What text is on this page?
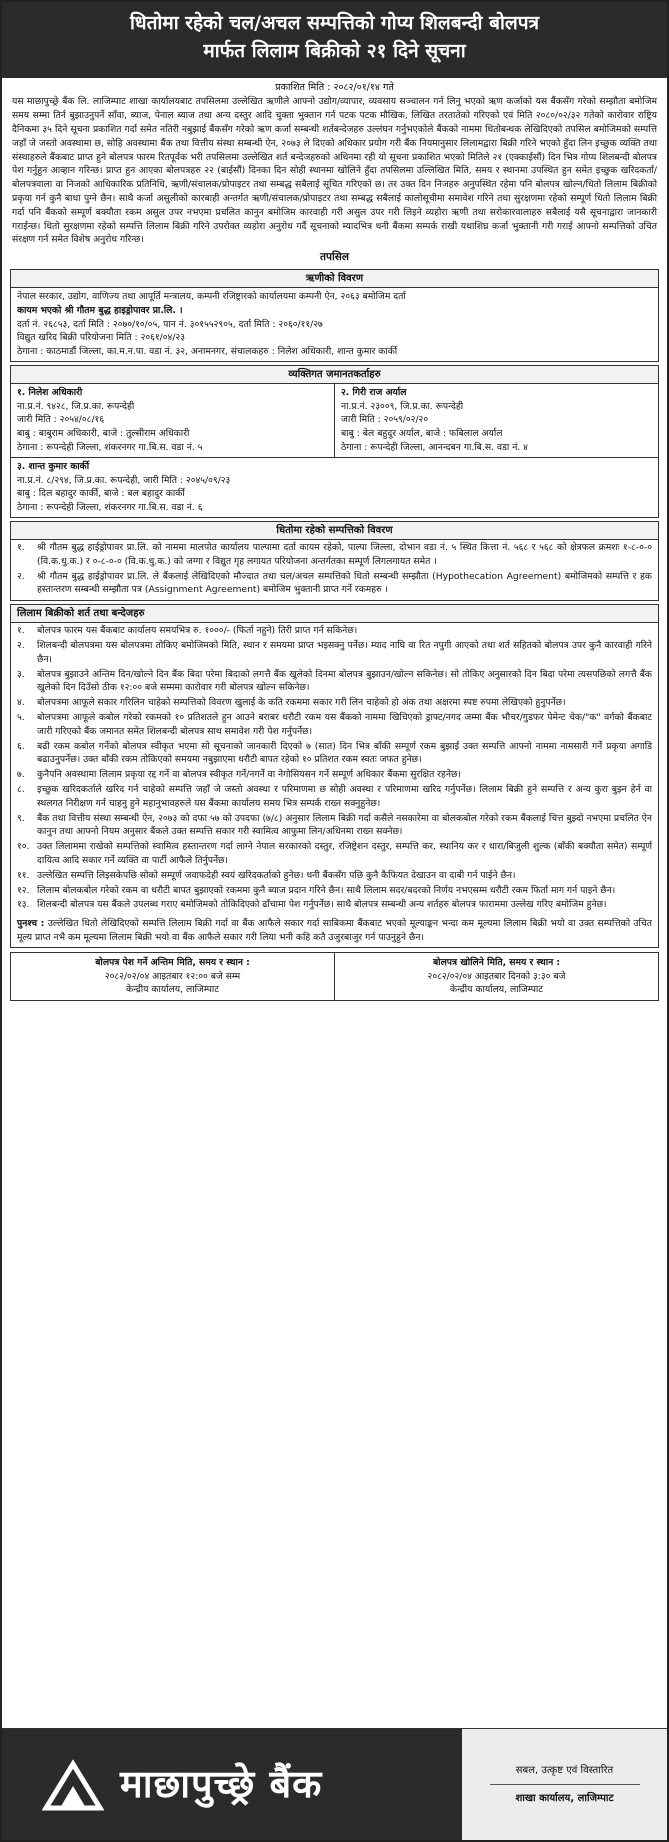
धितोमा रहेको चल/अचल सम्पत्तिको गोप्य शिलबन्दी बोलपत्र
मार्फत लिलाम बिक्रीको २१ दिने सूचना
प्रकाशित मिति : २०८२/०१/१४ गते

यस माछापुच्छ्रे बैंक लि. लाजिम्पाट शाखा कार्यालयबाट तपसिलमा उल्लेखित ऋणीले आफ्नो उद्योग/व्यापार, व्यवसाय सञ्चालन गर्न लिनु भएको ऋण कर्जाको यस बैंकसँग गरेको सम्झौता बमोजिम समय सम्मा तिर्न बुझाउनुपर्ने साँवा, ब्याज, पेनाल ब्याज तथा अन्य दस्तुर आदि चुक्ता भुक्तान गर्न पटक पटक मौखिक, लिखित तरतातेको गरिएको एवं मिति २०८०/०२/३२ गतेको कारोवार राष्ट्रिय दैनिकमा ३५ दिने सूचना प्रकाशित गर्दा समेत नतिरी नबुझाई बैंकसँग गरेको ऋण कर्जा सम्बन्धी शर्तबन्देजहरु उल्लंघन गर्नुभएकोले बैंकको नाममा धितोबन्धक लेखिदिएको तपसिल बमोजिमको सम्पत्ति जहाँ जे जस्तो अवस्थामा छ, सोहि अवस्थामा बैंक तथा वित्तीय संस्था सम्बन्धी ऐन, २०७३ ले दिएको अधिकार प्रयोग गरी बैंक नियमानुसार लिलामद्वारा बिक्री गरिने भएको हुँदा लिन इच्छुक व्यक्ति तथा संस्थाहरुले बैंकबाट प्राप्त हुने बोलपत्र फारम रितपूर्वक भरी तपसिलमा उल्लेखित शर्त बन्देजहरुको अधिनमा रही यो सूचना प्रकाशित भएको मितिले २१ (एक्काईसौं) दिन भित्र गोप्य शिलबन्दी बोलपत्र पेश गर्नुहुन आव्हान गरिन्छ। प्राप्त हुन आएका बोलपत्रहरु २२ (बाईसौं) दिनका दिन सोही स्थानमा खोलिने हुँदा तपसिलमा उल्लिखित मिति, समय र स्थानमा उपस्थित हुन समेत इच्छुक खरिदकर्ता/बोलपत्रवाला वा निजको आधिकारिक प्रतिनिधि, ऋणी/संचालक/प्रोपाइटर तथा सम्बद्ध सबैलाई सूचित गरिएको छ। तर उक्त दिन निजहरु अनुपस्थित रहेमा पनि बोलपत्र खोल्न/धितो लिलाम बिक्रीको प्रकृया गर्न कुनै बाधा पुग्ने छैन। साथै कर्जा असुलीको कारबाही अन्तर्गत ऋणी/संचालक/प्रोपाइटर तथा सम्बद्ध सबैलाई कालोसूचीमा समावेश गरिने तथा सुरक्षणमा रहेको सम्पूर्ण धितो लिलाम बिक्री गर्दा पनि बैंकको सम्पूर्ण बक्यौता रकम असुल उपर नभएमा प्रचलित कानुन बमोजिम कारवाही गरी असुल उपर गरी लिइने व्यहोरा ऋणी तथा सरोकारवालाहरु सबैलाई यसै सूचनाद्वारा जानकारी गराईन्छ। धितो सुरक्षणमा रहेको सम्पत्ति लिलाम बिक्री गरिने उपरोक्त व्यहोरा अनुरोध गर्दै सूचनाको म्यादभित्र धनी बैंकमा सम्पर्क राखी यथाशिघ्र कर्जा भुक्तानी गरी गराई आफ्नो सम्पत्तिको उचित संरक्षण गर्न समेत विशेष अनुरोध गरिन्छ।

तपसिल
ऋणीको विवरण
नेपाल सरकार, उद्योग, वाणिज्य तथा आपूर्ति मन्त्रालय, कम्पनी रजिष्ट्रारको कार्यालयमा कम्पनी ऐन, २०६३ बमोजिम दर्ता
कायम भएको श्री गौतम बुद्ध हाइड्रोपावर प्रा.लि. ।
दर्ता नं. २६८५३, दर्ता मिति : २०७०/१०/०५, पान नं. ३०१५५२९०५, दर्ता मिति : २०६०/११/२७
विद्युत खरिद बिक्री परियोजना मिति : २०६१/०४/२३
ठेगाना : काठमाडौं जिल्ला, का.म.न.पा. वडा नं. ३२, अनामनगर, संचालकहरु : निलेश अधिकारी, शान्त कुमार कार्की
व्यक्तिगत जमानतकर्ताहरु
१. निलेश अधिकारी
ना.प्र.नं. ९४२८, जि.प्र.का. रूपन्देही
जारी मिति : २०५४/०८/१६
बाबु : बाबुराम अधिकारी, बाजे : तुल्सीराम अधिकारी
ठेगाना : रूपन्देही जिल्ला, शंकरनगर गा.बि.स. वडा नं. ५
२. गिरी राज अर्याल
ना.प्र.नं. २३००९, जि.प्र.का. रूपन्देही
जारी मिति : २०५९/०२/२०
बाबु : बेल बहुदुर अर्याल, बाजे : फबिलाल अर्याल
ठेगाना : रूपन्देही जिल्ला, आनन्दबन गा.बि.स. वडा नं. ४
३. शान्त कुमार कार्की
ना.प्र.नं. ८/२९४, जि.प्र.का. रूपन्देही, जारी मिति : २०४५/०९/२३
बाबु : दिल बहादुर कार्की, बाजे : बल बहादुर कार्की
ठेगाना : रूपन्देही जिल्ला, शंकरनगर गा.बि.स. वडा नं. ६
धितोमा रहेको सम्पत्तिको विवरण
१.	श्री गौतम बुद्ध हाईड्रोपावर प्रा.लि. को नाममा मालपोत कार्यालय पाल्पामा दर्ता कायम रहेको, पाल्पा जिल्ला, दोभान वडा नं. ५ स्थित कित्ता नं. ५६८ र ५६८ को क्षेत्रफल क्रमशः १-८-०-० (वि.क.धु.क.) र ०-८-०-० (वि.क.धु.क.) को जग्गा र विद्युत गृह लगायत परियोजना अन्तर्गतका सम्पूर्ण लिगलगायत समेत ।
२.	श्री गौतम बुद्ध हाईड्रोपावर प्रा.लि. ले बैंकलाई लेखिदिएको मौज्दात तथा चल/अचल सम्पत्तिको धितो सम्बन्धी सम्झौता (Hypothecation Agreement) बमोजिमको सम्पत्ति र हक हस्तान्तरण सम्बन्धी सम्झौता पत्र (Assignment Agreement) बमोजिम भुक्तानी प्राप्त गर्ने रकमहरु ।
लिलाम बिक्रीको शर्त तथा बन्देजहरु
१.	बोलपत्र फारम यस बैंकबाट कार्यालय समयभित्र रु. १०००/- (फिर्ता नहुने) तिरी प्राप्त गर्न सकिनेछ।
२.	शिलबन्दी बोलपत्रमा यस बोलपत्रमा तोकिए बमोजिमको मिति, स्थान र समयमा प्राप्त भइसक्नु पर्नेछ। म्याद नाघि वा रित नपुगी आएको तथा शर्त सहितको बोलपत्र उपर कुनै कारवाही गरिने छैन।
३.	बोलपत्र बुझाउने अन्तिम दिन/खोल्ने दिन बैंक बिदा परेमा बिदाको लगत्तै बैंक खुलेको दिनमा बोलपत्र बुझाउन/खोल्न सकिनेछ। सो तोकिए अनुसारको दिन बिदा परेमा त्यसपछिको लगत्तै बैंक खुलेको दिन दिउँसो ठीक १२:०० बजे सम्ममा कारोवार गरी बोलपत्र खोल्न सकिनेछ।
४.	बोलपत्रमा आफूले सकार गरिलिन चाहेको सम्पत्तिको विवरण खुलाई के कति रकममा सकार गरी लिन चाहेको हो अंक तथा अक्षरमा स्पष्ट रुपमा लेखिएको हुनुपर्नेछ।
५.	बोलपत्रमा आफूले कबोल गरेको रकमको १० प्रतिशतले हुन आउने बराबर धरौटी रकम यस बैंकको नाममा खिचिएको ड्राफ्ट/नगद जम्मा बैंक भौचर/गुडफर पेमेन्ट चेक/"क" वर्गको बैंकबाट जारी गरिएको बैंक जमानत समेत शिलबन्दी बोलपत्र साथ समावेश गरी पेश गर्नुपर्नेछ।
६.	बढी रकम कबोल गर्नेको बोलपत्र स्वीकृत भएमा सो सूचनाको जानकारी दिएको ७ (सात) दिन भित्र बाँकी सम्पूर्ण रकम बुझाई उक्त सम्पत्ति आफ्नो नाममा नामसारी गर्ने प्रकृया अगाडि बढाउनुपर्नेछ। उक्त बाँकी रकम तोकिएको समयमा नबुझाएमा धरौटी बापत रहेको १० प्रतिशत रकम स्वतः जफत हुनेछ।
७.	कुनैपनि अवस्थामा लिलाम प्रकृया रद्द गर्ने वा बोलपत्र स्वीकृत गर्ने/नगर्ने वा नेगोसियसन गर्ने सम्पूर्ण अधिकार बैंकमा सुरक्षित रहनेछ।
८.	इच्छुक खरिदकर्ताले खरिद गर्न चाहेको सम्पत्ति जहाँ जे जस्तो अवस्था र परिमाणमा छ सोही अवस्था र परिमाणमा खरिद गर्नुपर्नेछ। लिलाम बिक्री हुने सम्पत्ति र अन्य कुरा बुझ्न हेर्न वा स्थलगत निरीक्षण गर्न चाहनु हुने महानुभावहरुले यस बैंकमा कार्यालय समय भित्र सम्पर्क राख्न सक्नुहुनेछ।
९.	बैंक तथा वित्तीय संस्था सम्बन्धी ऐन, २०७३ को दफा ५७ को उपदफा (७/८) अनुसार लिलाम बिक्री गर्दा कसैले नसकारेमा वा बोलकबोल गरेको रकम बैंकलाई चित्त बुझ्दो नभएमा प्रचलित ऐन कानुन तथा आफ्नो नियम अनुसार बैंकले उक्त सम्पत्ति सकार गरी स्वामित्व आफुमा लिन/अधिनमा राख्न सक्नेछ।
१०. उक्त लिलाममा राखेको सम्पत्तिको स्वामित्व हस्तान्तरण गर्दा लाग्ने नेपाल सरकारको दस्तुर, रजिष्ट्रेशन दस्तुर, सम्पत्ति कर, स्थानिय कर र धारा/बिजुली शुल्क (बाँकी बक्यौता समेत) सम्पूर्ण दायित्व आदि सकार गर्ने व्यक्ति वा पार्टी आफैले तिर्नुपर्नेछ।
११. उल्लेखित सम्पत्ति लिइसकेपछि सोको सम्पूर्ण जवाफदेही स्वयं खरिदकर्ताको हुनेछ। धनी बैंकसँग पछि कुनै कैफियत देखाउन वा दाबी गर्न पाईने छैन।
१२. लिलाम बोलकबोल गरेको रकम वा धरौटी बापत बुझाएको रकममा कुनै ब्याज प्रदान गरिने छैन। साथै लिलाम सदर/बदरको निर्णय नभएसम्म धरौटी रकम फिर्ता माग गर्न पाइने छैन।
१३. शिलबन्दी बोलपत्र यस बैंकले उपलब्ध गराए बमोजिमको तोकिदिएको ढाँचामा पेश गर्नुपर्नेछ। साथै बोलपत्र सम्बन्धी अन्य शर्तहरु बोलपत्र फाराममा उल्लेख गरिए बमोजिम हुनेछ।
पुनश्च : उल्लेखित धितो लेखिदिएको सम्पत्ति लिलाम बिक्री गर्दा वा बैंक आफैले सकार गर्दा साबिकमा बैंकबाट भएको मूल्याङ्कन भन्दा कम मूल्यमा लिलाम बिक्री भयो वा उक्त सम्पत्तिको उचित मूल्य प्राप्त नभै कम मूल्यमा लिलाम बिक्री भयो वा बैंक आफैले सकार गरी लिया भनी कहि कतै उजुरबाजुर गर्न पाउनुहुने छैन।
बोलपत्र पेश गर्ने अन्तिम मिति, समय र स्थान :
२०८२/०२/०४ आइतबार १२:०० बजे सम्म
केन्द्रीय कार्यालय, लाजिम्पाट
बोलपत्र खोलिने मिति, समय र स्थान :
२०८२/०२/०४ आइतबार दिनको ३:३० बजे
केन्द्रीय कार्यालय, लाजिम्पाट
माछापुच्छ्रे बैंक	सबल, उत्कृष्ट एवं विस्तारित
शाखा कार्यालय, लाजिम्पाट
